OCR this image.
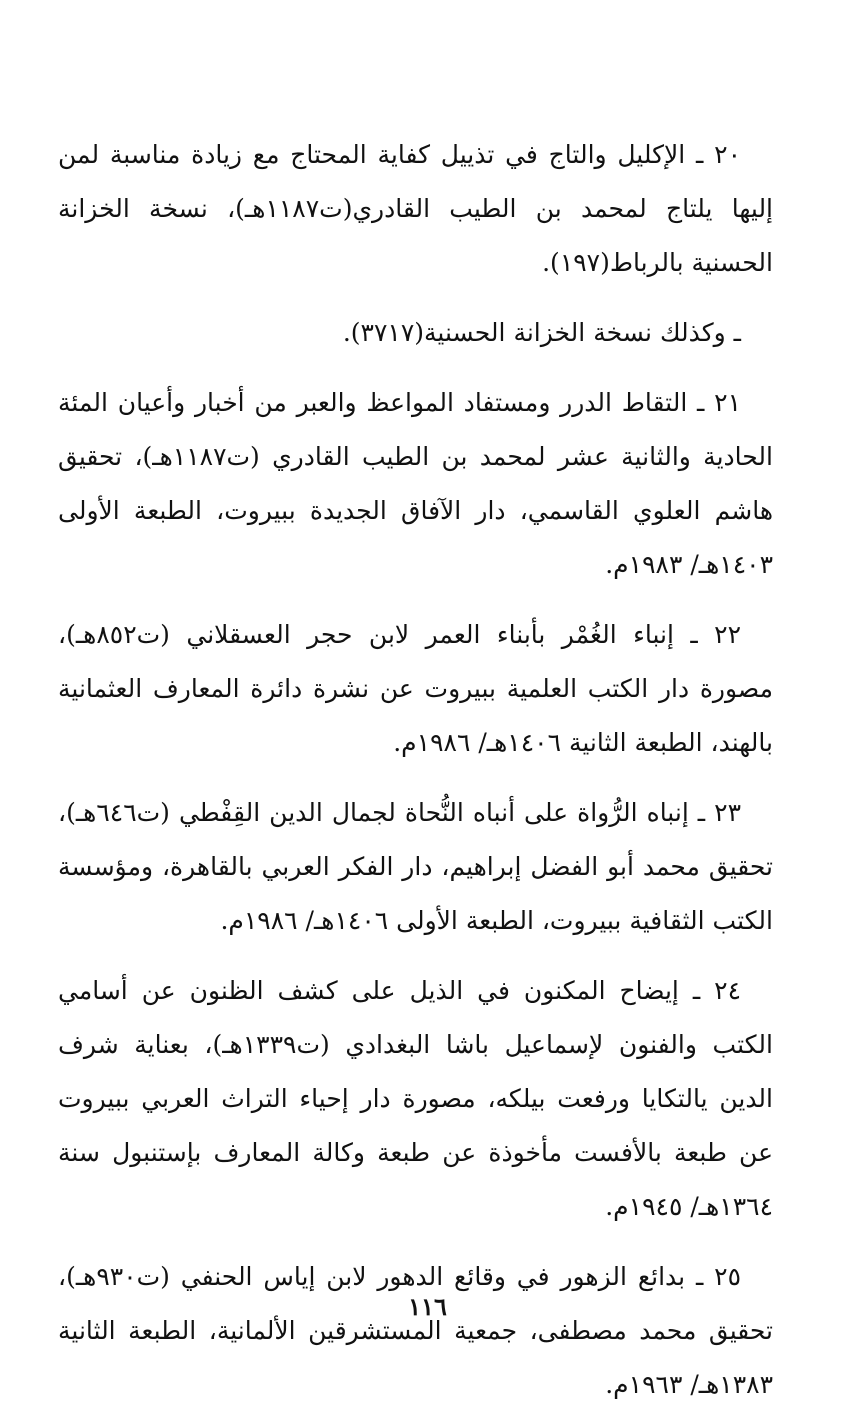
٢٠ ـ الإكليل والتاج في تذييل كفاية المحتاج مع زيادة مناسبة لمن إليها يلتاج لمحمد بن الطيب القادري(ت١١٨٧هـ)، نسخة الخزانة الحسنية بالرباط(١٩٧).

ـ وكذلك نسخة الخزانة الحسنية(٣٧١٧).

٢١ ـ التقاط الدرر ومستفاد المواعظ والعبر من أخبار وأعيان المئة الحادية والثانية عشر لمحمد بن الطيب القادري (ت١١٨٧هـ)، تحقيق هاشم العلوي القاسمي، دار الآفاق الجديدة ببيروت، الطبعة الأولى ١٤٠٣هـ/ ١٩٨٣م.

٢٢ ـ إنباء الغُمْر بأبناء العمر لابن حجر العسقلاني (ت٨٥٢هـ)، مصورة دار الكتب العلمية ببيروت عن نشرة دائرة المعارف العثمانية بالهند، الطبعة الثانية ١٤٠٦هـ/ ١٩٨٦م.

٢٣ ـ إنباه الرُّواة على أنباه النُّحاة لجمال الدين القِفْطي (ت٦٤٦هـ)، تحقيق محمد أبو الفضل إبراهيم، دار الفكر العربي بالقاهرة، ومؤسسة الكتب الثقافية ببيروت، الطبعة الأولى ١٤٠٦هـ/ ١٩٨٦م.

٢٤ ـ إيضاح المكنون في الذيل على كشف الظنون عن أسامي الكتب والفنون لإسماعيل باشا البغدادي (ت١٣٣٩هـ)، بعناية شرف الدين يالتكايا ورفعت بيلكه، مصورة دار إحياء التراث العربي ببيروت عن طبعة بالأفست مأخوذة عن طبعة وكالة المعارف بإستنبول سنة ١٣٦٤هـ/ ١٩٤٥م.

٢٥ ـ بدائع الزهور في وقائع الدهور لابن إياس الحنفي (ت٩٣٠هـ)، تحقيق محمد مصطفى، جمعية المستشرقين الألمانية، الطبعة الثانية ١٣٨٣هـ/ ١٩٦٣م.

١١٦
